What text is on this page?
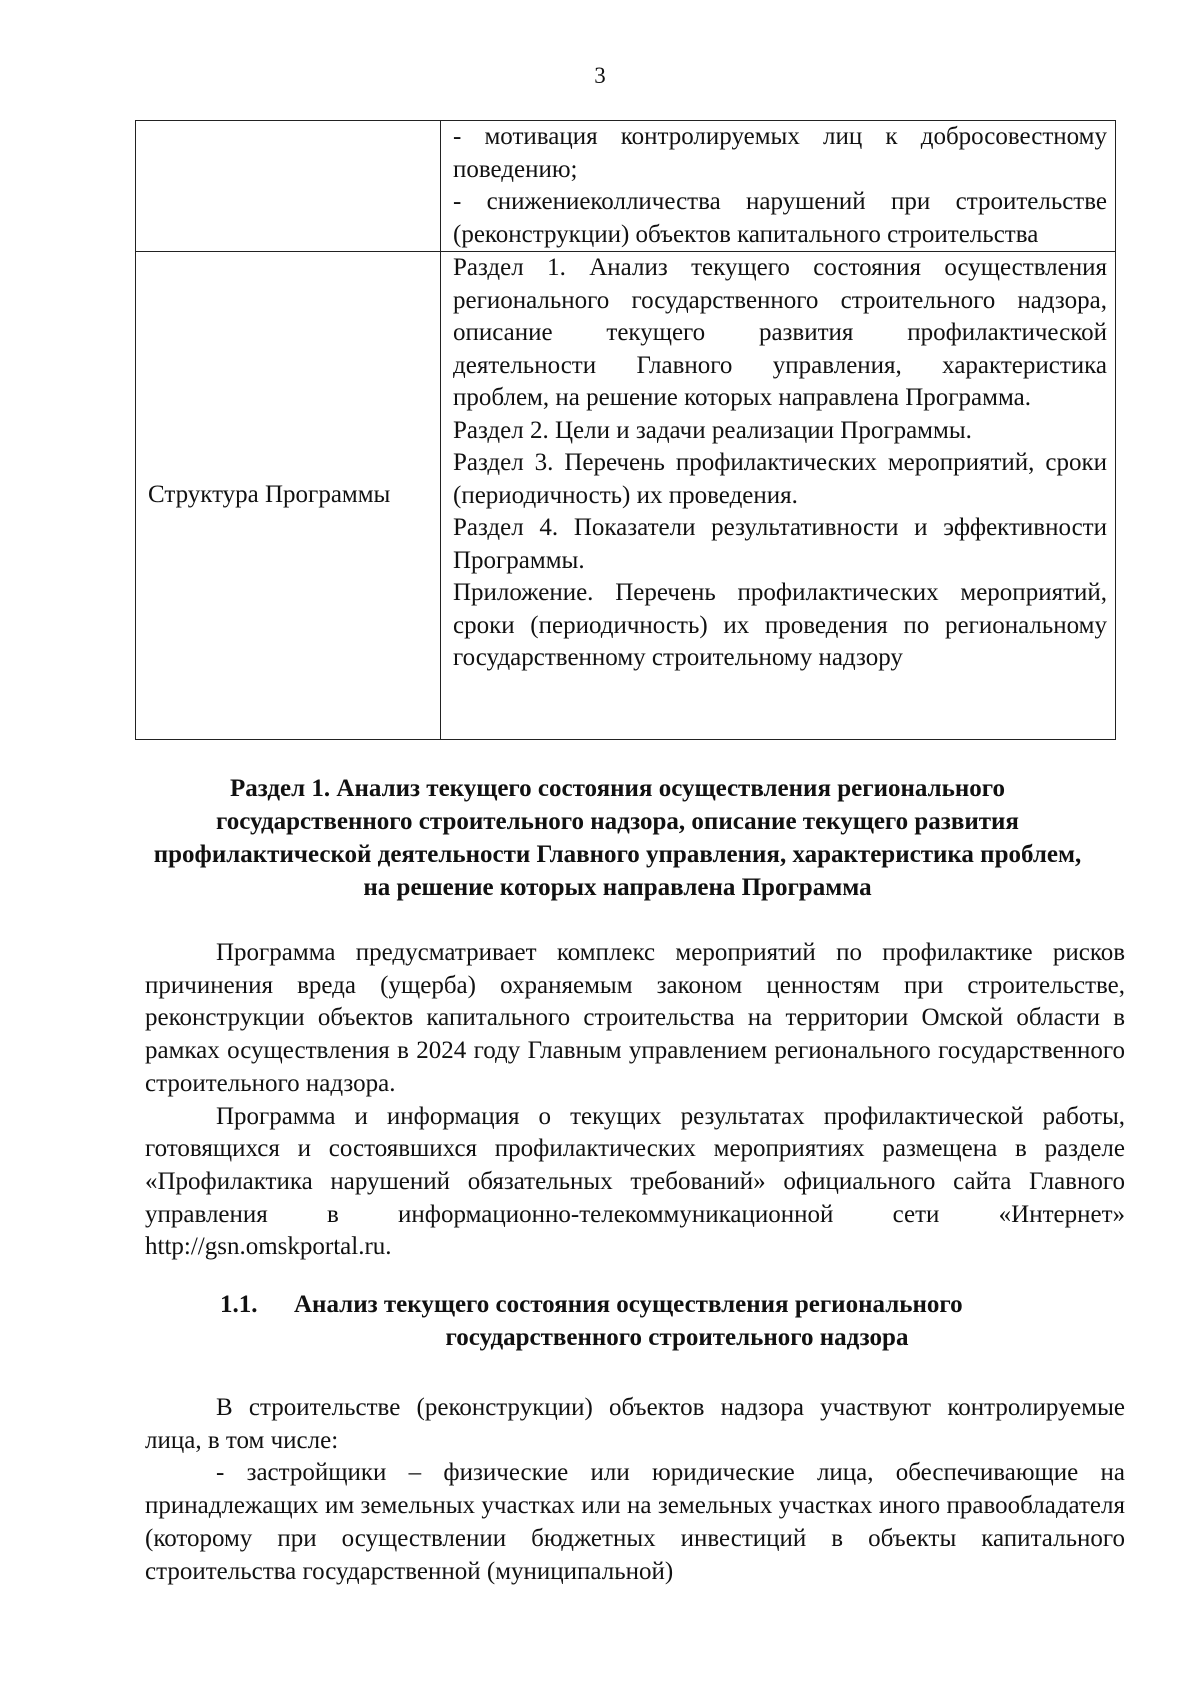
3

	- мотивация контролируемых лиц к добросовестному поведению;

- снижениеколличества нарушений при строительстве (реконструкции) объектов капитального строительства

Структура Программы	Раздел 1. Анализ текущего состояния осуществления регионального государственного строительного надзора, описание текущего развития профилактической деятельности Главного управления, характеристика проблем, на решение которых направлена Программа.

Раздел 2. Цели и задачи реализации Программы.

Раздел 3. Перечень профилактических мероприятий, сроки (периодичность) их проведения.

Раздел 4. Показатели результативности и эффективности Программы.

Приложение. Перечень профилактических мероприятий, сроки (периодичность) их проведения по региональному государственному строительному надзору

Раздел 1. Анализ текущего состояния осуществления регионального государственного строительного надзора, описание текущего развития профилактической деятельности Главного управления, характеристика проблем, на решение которых направлена Программа

Программа предусматривает комплекс мероприятий по профилактике рисков причинения вреда (ущерба) охраняемым законом ценностям при строительстве, реконструкции объектов капитального строительства на территории Омской области в рамках осуществления в 2024 году Главным управлением регионального государственного строительного надзора.

Программа и информация о текущих результатах профилактической работы, готовящихся и состоявшихся профилактических мероприятиях размещена в разделе «Профилактика нарушений обязательных требований» официального сайта Главного управления в информационно-телекоммуникационной сети «Интернет» http://gsn.omskportal.ru.

1.1. Анализ текущего состояния осуществления регионального
государственного строительного надзора

В строительстве (реконструкции) объектов надзора участвуют контролируемые лица, в том числе:

- застройщики – физические или юридические лица, обеспечивающие на принадлежащих им земельных участках или на земельных участках иного правообладателя (которому при осуществлении бюджетных инвестиций в объекты капитального строительства государственной (муниципальной)
